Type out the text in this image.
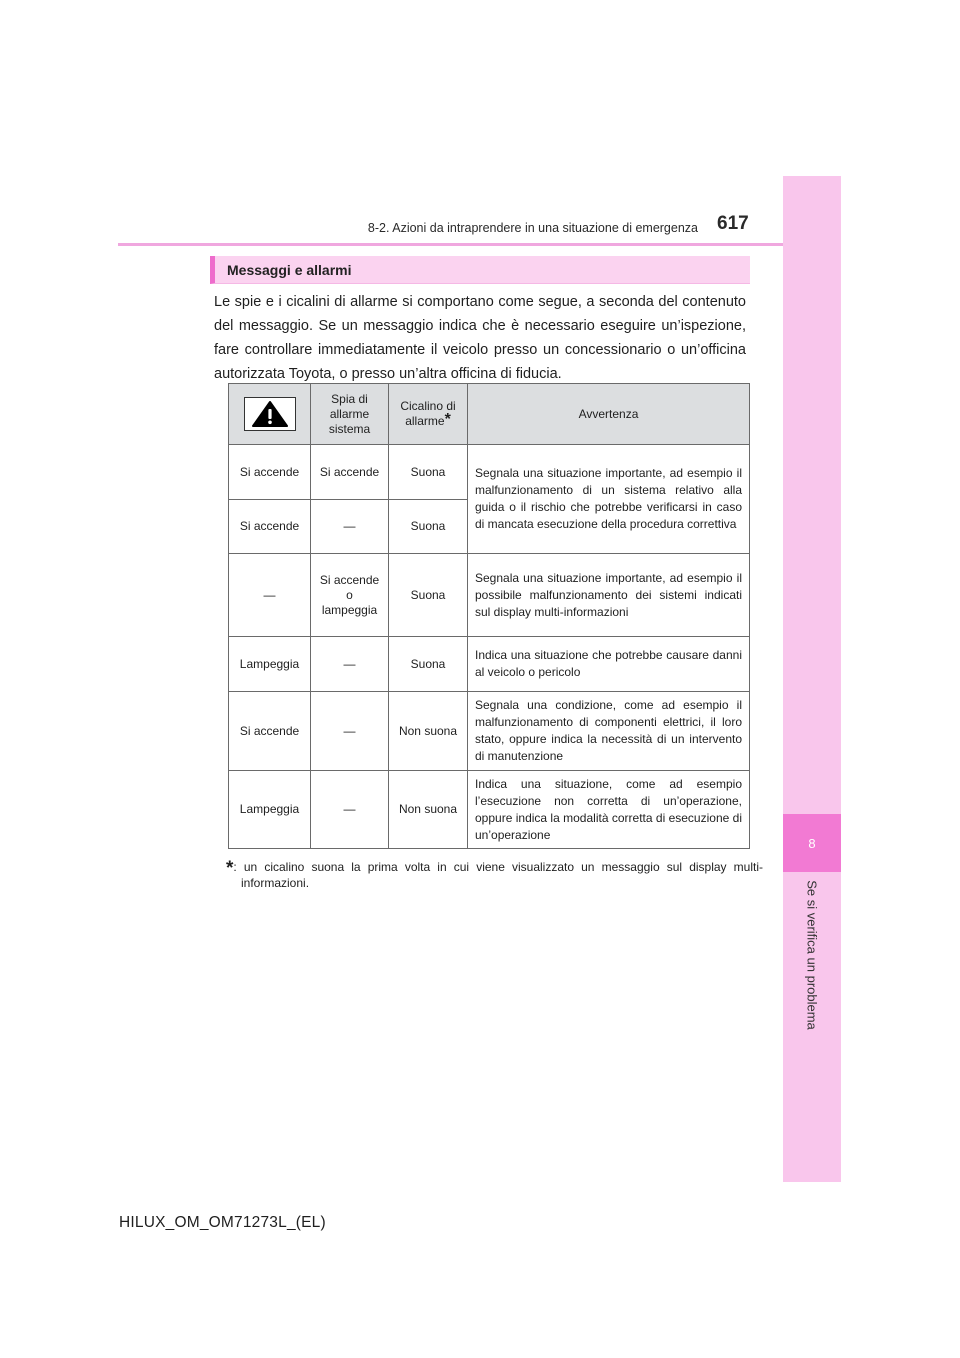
8
Se si verifica un problema
8-2. Azioni da intraprendere in una situazione di emergenza 617
Messaggi e allarmi

Le spie e i cicalini di allarme si comportano come segue, a seconda del contenuto del messaggio. Se un messaggio indica che è necessario eseguire un’ispezione, fare controllare immediatamente il veicolo presso un concessionario o un’officina autorizzata Toyota, o presso un’altra officina di fiducia.

	Spia di allarme sistema	Cicalino di allarme*	Avvertenza
Si accende	Si accende	Suona	Segnala una situazione importante, ad esempio il malfunzionamento di un sistema relativo alla guida o il rischio che potrebbe verificarsi in caso di mancata esecuzione della procedura correttiva
Si accende	—	Suona	
—	Si accende o lampeggia	Suona	Segnala una situazione importante, ad esempio il possibile malfunzionamento dei sistemi indicati sul display multi-informazioni
Lampeggia	—	Suona	Indica una situazione che potrebbe causare danni al veicolo o pericolo
Si accende	—	Non suona	Segnala una condizione, come ad esempio il malfunzionamento di componenti elettrici, il loro stato, oppure indica la necessità di un intervento di manutenzione
Lampeggia	—	Non suona	Indica una situazione, come ad esempio l’esecuzione non corretta di un’operazione, oppure indica la modalità corretta di esecuzione di un’operazione

*: un cicalino suona la prima volta in cui viene visualizzato un messaggio sul display multi-informazioni.

HILUX_OM_OM71273L_(EL)
